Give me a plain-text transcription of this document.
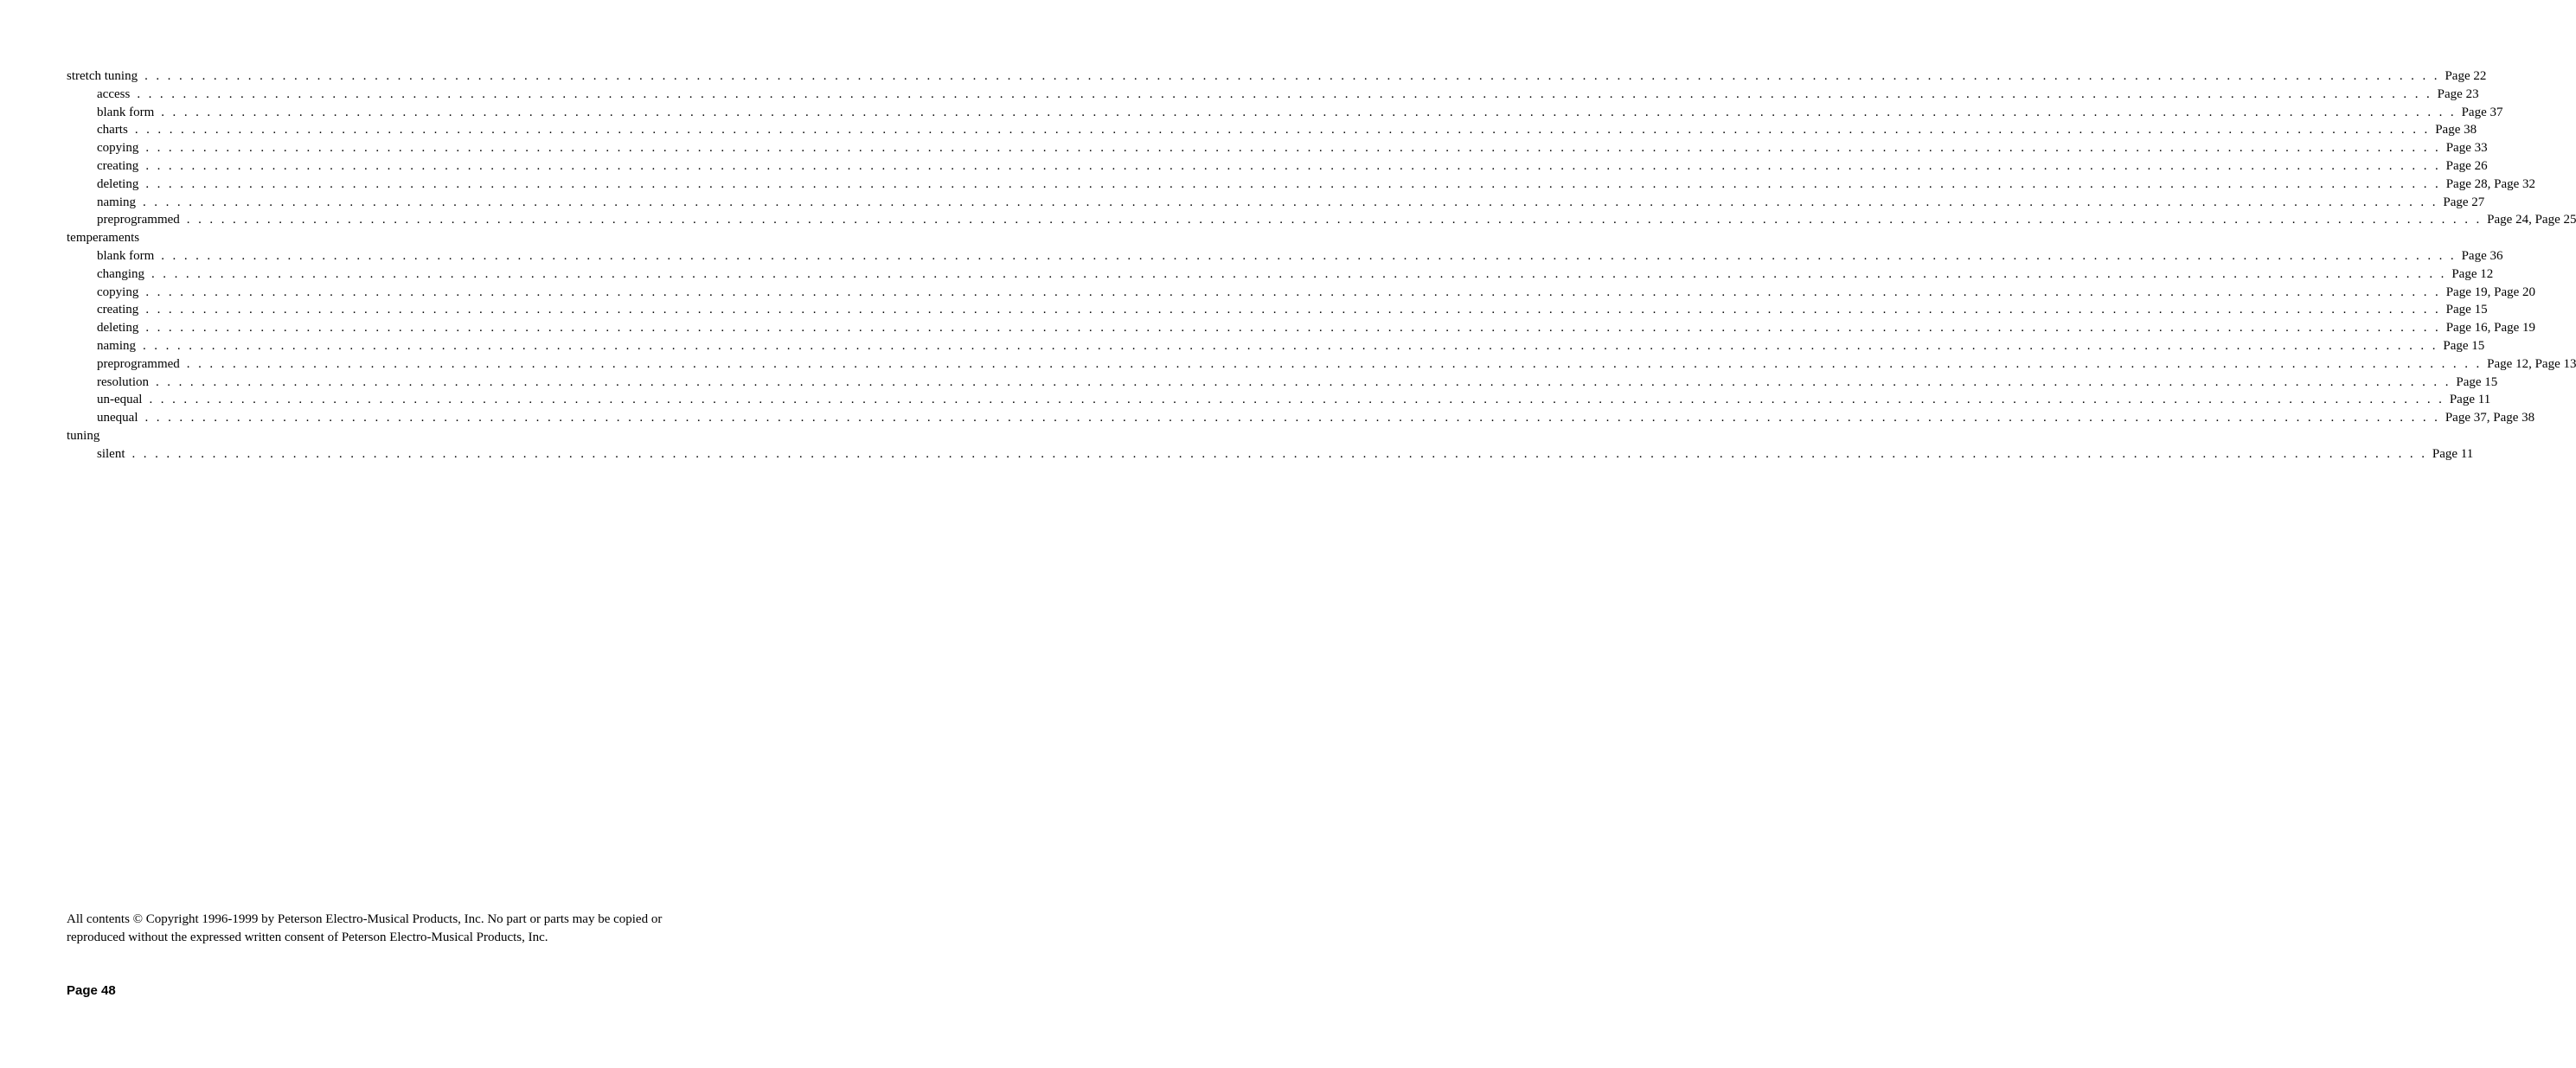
stretch tuning . . . . . . . . . . . . . . . . . . . . . . . . . . . . . . . . . . . . . . . . . . . . . . . . . . . . . . . . . . . . . . . . . . . . . . . . . . . . . . . . . . . . . . . . . . . . . . . . . . . . . . . . . . . . . . . . . . . . . . . . . . . . . . . . . . . . . . . . . . . . . . . . . . . . . . . . . . . . . . . . . . . . . . . . . . . . . . . . . . . . . . . . . . . . . . . . . . . . . . . . Page 22
access . . . . . . . . . . . . . . . . . . . . . . . . . . . . . . . . . . . . . . . . . . . . . . . . . . . . . . . . . . . . . . . . . . . . . . . . . . . . . . . . . . . . . . . . . . . . . . . . . . . . . . . . . . . . . . . . . . . . . . . . . . . . . . . . . . . . . . . . . . . . . . . . . . . . . . . . . . . . . . . . . . . . . . . . . . . . . . . . . . . . . . . . . . . . . . . . . . . . . . . . Page 23
blank form . . . . . . . . . . . . . . . . . . . . . . . . . . . . . . . . . . . . . . . . . . . . . . . . . . . . . . . . . . . . . . . . . . . . . . . . . . . . . . . . . . . . . . . . . . . . . . . . . . . . . . . . . . . . . . . . . . . . . . . . . . . . . . . . . . . . . . . . . . . . . . . . . . . . . . . . . . . . . . . . . . . . . . . . . . . . . . . . . . . . . . . . . . . . . . . . . . . . . . . . Page 37
charts . . . . . . . . . . . . . . . . . . . . . . . . . . . . . . . . . . . . . . . . . . . . . . . . . . . . . . . . . . . . . . . . . . . . . . . . . . . . . . . . . . . . . . . . . . . . . . . . . . . . . . . . . . . . . . . . . . . . . . . . . . . . . . . . . . . . . . . . . . . . . . . . . . . . . . . . . . . . . . . . . . . . . . . . . . . . . . . . . . . . . . . . . . . . . . . . . . . . . . . . Page 38
copying . . . . . . . . . . . . . . . . . . . . . . . . . . . . . . . . . . . . . . . . . . . . . . . . . . . . . . . . . . . . . . . . . . . . . . . . . . . . . . . . . . . . . . . . . . . . . . . . . . . . . . . . . . . . . . . . . . . . . . . . . . . . . . . . . . . . . . . . . . . . . . . . . . . . . . . . . . . . . . . . . . . . . . . . . . . . . . . . . . . . . . . . . . . . . . . . . . . . . . . . Page 33
creating . . . . . . . . . . . . . . . . . . . . . . . . . . . . . . . . . . . . . . . . . . . . . . . . . . . . . . . . . . . . . . . . . . . . . . . . . . . . . . . . . . . . . . . . . . . . . . . . . . . . . . . . . . . . . . . . . . . . . . . . . . . . . . . . . . . . . . . . . . . . . . . . . . . . . . . . . . . . . . . . . . . . . . . . . . . . . . . . . . . . . . . . . . . . . . . . . . . . . . . . Page 26
deleting . . . . . . . . . . . . . . . . . . . . . . . . . . . . . . . . . . . . . . . . . . . . . . . . . . . . . . . . . . . . . . . . . . . . . . . . . . . . . . . . . . . . . . . . . . . . . . . . . . . . . . . . . . . . . . . . . . . . . . . . . . . . . . . . . . . . . . . . . . . . . . . . . . . . . . . . . . . . . . . . . . . . . . . . . . . . . . . . . . . . . . . . . . . . . . . . . . . . . . . . Page 28, Page 32
naming . . . . . . . . . . . . . . . . . . . . . . . . . . . . . . . . . . . . . . . . . . . . . . . . . . . . . . . . . . . . . . . . . . . . . . . . . . . . . . . . . . . . . . . . . . . . . . . . . . . . . . . . . . . . . . . . . . . . . . . . . . . . . . . . . . . . . . . . . . . . . . . . . . . . . . . . . . . . . . . . . . . . . . . . . . . . . . . . . . . . . . . . . . . . . . . . . . . . . . . . Page 27
preprogrammed . . . . . . . . . . . . . . . . . . . . . . . . . . . . . . . . . . . . . . . . . . . . . . . . . . . . . . . . . . . . . . . . . . . . . . . . . . . . . . . . . . . . . . . . . . . . . . . . . . . . . . . . . . . . . . . . . . . . . . . . . . . . . . . . . . . . . . . . . . . . . . . . . . . . . . . . . . . . . . . . . . . . . . . . . . . . . . . . . . . . . . . . . . . . . . . . . . . . . . . . Page 24, Page 25
temperaments
blank form . . . . . . . . . . . . . . . . . . . . . . . . . . . . . . . . . . . . . . . . . . . . . . . . . . . . . . . . . . . . . . . . . . . . . . . . . . . . . . . . . . . . . . . . . . . . . . . . . . . . . . . . . . . . . . . . . . . . . . . . . . . . . . . . . . . . . . . . . . . . . . . . . . . . . . . . . . . . . . . . . . . . . . . . . . . . . . . . . . . . . . . . . . . . . . . . . . . . . . . . Page 36
changing . . . . . . . . . . . . . . . . . . . . . . . . . . . . . . . . . . . . . . . . . . . . . . . . . . . . . . . . . . . . . . . . . . . . . . . . . . . . . . . . . . . . . . . . . . . . . . . . . . . . . . . . . . . . . . . . . . . . . . . . . . . . . . . . . . . . . . . . . . . . . . . . . . . . . . . . . . . . . . . . . . . . . . . . . . . . . . . . . . . . . . . . . . . . . . . . . . . . . . . . Page 12
copying . . . . . . . . . . . . . . . . . . . . . . . . . . . . . . . . . . . . . . . . . . . . . . . . . . . . . . . . . . . . . . . . . . . . . . . . . . . . . . . . . . . . . . . . . . . . . . . . . . . . . . . . . . . . . . . . . . . . . . . . . . . . . . . . . . . . . . . . . . . . . . . . . . . . . . . . . . . . . . . . . . . . . . . . . . . . . . . . . . . . . . . . . . . . . . . . . . . . . . . . Page 19, Page 20
creating . . . . . . . . . . . . . . . . . . . . . . . . . . . . . . . . . . . . . . . . . . . . . . . . . . . . . . . . . . . . . . . . . . . . . . . . . . . . . . . . . . . . . . . . . . . . . . . . . . . . . . . . . . . . . . . . . . . . . . . . . . . . . . . . . . . . . . . . . . . . . . . . . . . . . . . . . . . . . . . . . . . . . . . . . . . . . . . . . . . . . . . . . . . . . . . . . . . . . . . . Page 15
deleting . . . . . . . . . . . . . . . . . . . . . . . . . . . . . . . . . . . . . . . . . . . . . . . . . . . . . . . . . . . . . . . . . . . . . . . . . . . . . . . . . . . . . . . . . . . . . . . . . . . . . . . . . . . . . . . . . . . . . . . . . . . . . . . . . . . . . . . . . . . . . . . . . . . . . . . . . . . . . . . . . . . . . . . . . . . . . . . . . . . . . . . . . . . . . . . . . . . . . . . . Page 16, Page 19
naming . . . . . . . . . . . . . . . . . . . . . . . . . . . . . . . . . . . . . . . . . . . . . . . . . . . . . . . . . . . . . . . . . . . . . . . . . . . . . . . . . . . . . . . . . . . . . . . . . . . . . . . . . . . . . . . . . . . . . . . . . . . . . . . . . . . . . . . . . . . . . . . . . . . . . . . . . . . . . . . . . . . . . . . . . . . . . . . . . . . . . . . . . . . . . . . . . . . . . . . . Page 15
preprogrammed . . . . . . . . . . . . . . . . . . . . . . . . . . . . . . . . . . . . . . . . . . . . . . . . . . . . . . . . . . . . . . . . . . . . . . . . . . . . . . . . . . . . . . . . . . . . . . . . . . . . . . . . . . . . . . . . . . . . . . . . . . . . . . . . . . . . . . . . . . . . . . . . . . . . . . . . . . . . . . . . . . . . . . . . . . . . . . . . . . . . . . . . . . . . . . . . . . . . . . . . Page 12, Page 13
resolution . . . . . . . . . . . . . . . . . . . . . . . . . . . . . . . . . . . . . . . . . . . . . . . . . . . . . . . . . . . . . . . . . . . . . . . . . . . . . . . . . . . . . . . . . . . . . . . . . . . . . . . . . . . . . . . . . . . . . . . . . . . . . . . . . . . . . . . . . . . . . . . . . . . . . . . . . . . . . . . . . . . . . . . . . . . . . . . . . . . . . . . . . . . . . . . . . . . . . . . . Page 15
un-equal . . . . . . . . . . . . . . . . . . . . . . . . . . . . . . . . . . . . . . . . . . . . . . . . . . . . . . . . . . . . . . . . . . . . . . . . . . . . . . . . . . . . . . . . . . . . . . . . . . . . . . . . . . . . . . . . . . . . . . . . . . . . . . . . . . . . . . . . . . . . . . . . . . . . . . . . . . . . . . . . . . . . . . . . . . . . . . . . . . . . . . . . . . . . . . . . . . . . . . . . Page 11
unequal . . . . . . . . . . . . . . . . . . . . . . . . . . . . . . . . . . . . . . . . . . . . . . . . . . . . . . . . . . . . . . . . . . . . . . . . . . . . . . . . . . . . . . . . . . . . . . . . . . . . . . . . . . . . . . . . . . . . . . . . . . . . . . . . . . . . . . . . . . . . . . . . . . . . . . . . . . . . . . . . . . . . . . . . . . . . . . . . . . . . . . . . . . . . . . . . . . . . . . . . Page 37, Page 38
tuning
silent . . . . . . . . . . . . . . . . . . . . . . . . . . . . . . . . . . . . . . . . . . . . . . . . . . . . . . . . . . . . . . . . . . . . . . . . . . . . . . . . . . . . . . . . . . . . . . . . . . . . . . . . . . . . . . . . . . . . . . . . . . . . . . . . . . . . . . . . . . . . . . . . . . . . . . . . . . . . . . . . . . . . . . . . . . . . . . . . . . . . . . . . . . . . . . . . . . . . . . . . Page 11
All contents © Copyright 1996-1999 by Peterson Electro-Musical Products, Inc. No part or parts may be copied or
reproduced without the expressed written consent of Peterson Electro-Musical Products, Inc.
Page 48
